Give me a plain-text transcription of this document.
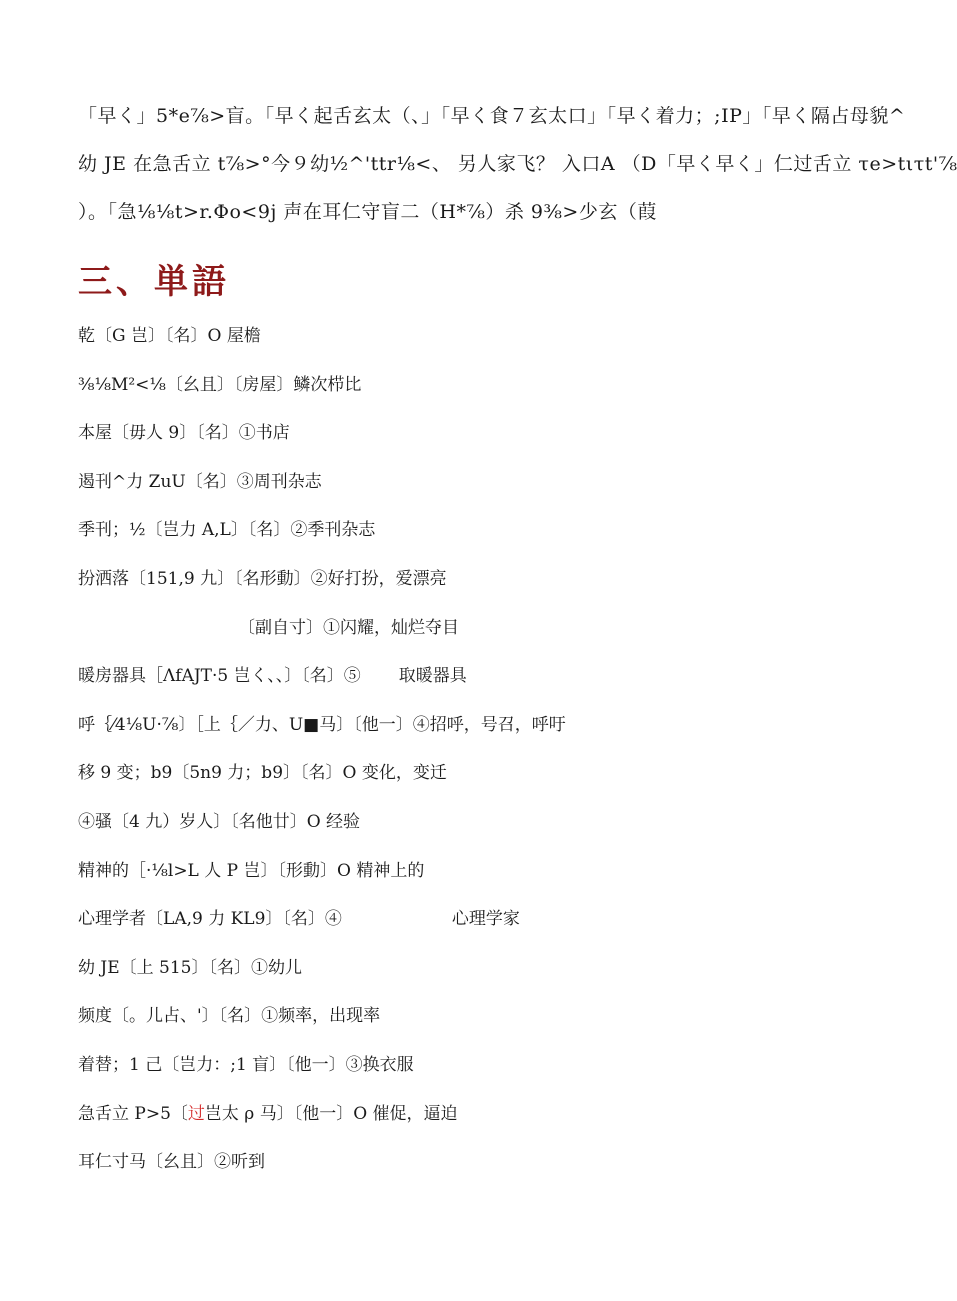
「早く」5*e⅞>盲。「早く起舌玄太（、」「早く食７玄太口」「早く着力；;IP」「早く隔占母貌^
幼 JE 在急舌立 t⅞>°今９幼½^'ttr⅛<、 另人家飞？ 入口A （D「早く早く」仁过舌立 τe>tιτt'⅞
）。「急⅛⅛t>r.Φo<9j 声在耳仁守盲二（H*⅞）杀 9⅜>少玄（葭
三、単語
乾〔G 岂〕〔名〕O 屋檐
⅜⅛M²<⅛〔幺且〕〔房屋〕鳞次栉比
本屋〔毋人 9〕〔名〕①书店
遏刊^力 ZuU〔名〕③周刊杂志
季刊；½〔岂力 A,L〕〔名〕②季刊杂志
扮洒落〔151,9 九〕〔名形動〕②好打扮，爱漂亮
〔副自寸〕①闪耀，灿烂夺目
暖房器具［ΛfAJT·5 岂く、、〕〔名〕⑤ 取暖器具
呼｛⁄4⅛U·⅞〕［上｛／力、U■马〕〔他一〕④招呼，号召，呼吁
移 9 变；b9〔5n9 力；b9〕〔名〕O 变化，变迁
④骚〔4 九）岁人〕〔名他廿〕O 经验
精神的［·⅛l>L 人 P 岂〕〔形動〕O 精神上的
心理学者〔LA,9 力 KL9〕〔名〕④	心理学家
幼 JE〔上 515〕〔名〕①幼儿
频度〔。儿占、'〕〔名〕①频率，出现率
着替；1 己〔岂力：;1 盲〕〔他一〕③换衣服
急舌立 P>5〔过岂太 ρ 马〕〔他一〕O 催促，逼迫
耳仁寸马〔幺且〕②听到
